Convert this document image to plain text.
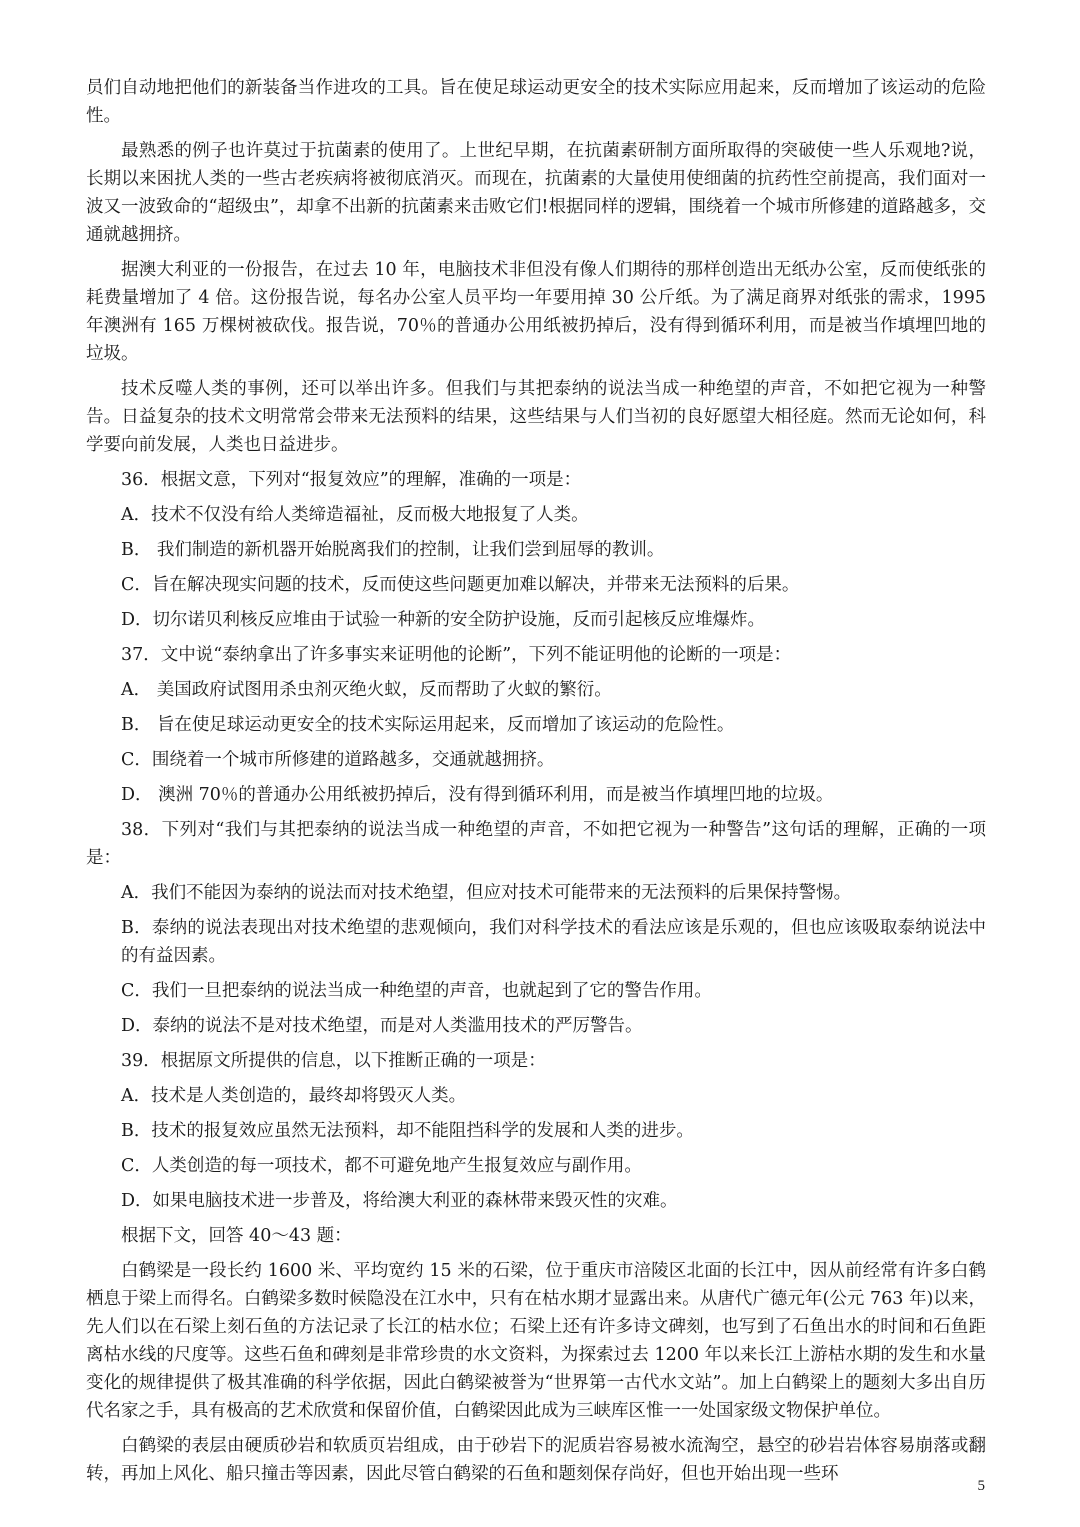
员们自动地把他们的新装备当作进攻的工具。旨在使足球运动更安全的技术实际应用起来，反而增加了该运动的危险性。

最熟悉的例子也许莫过于抗菌素的使用了。上世纪早期，在抗菌素研制方面所取得的突破使一些人乐观地?说，长期以来困扰人类的一些古老疾病将被彻底消灭。而现在，抗菌素的大量使用使细菌的抗药性空前提高，我们面对一波又一波致命的“超级虫”，却拿不出新的抗菌素来击败它们!根据同样的逻辑，围绕着一个城市所修建的道路越多，交通就越拥挤。

据澳大利亚的一份报告，在过去 10 年，电脑技术非但没有像人们期待的那样创造出无纸办公室，反而使纸张的耗费量增加了 4 倍。这份报告说，每名办公室人员平均一年要用掉 30 公斤纸。为了满足商界对纸张的需求，1995 年澳洲有 165 万棵树被砍伐。报告说，70％的普通办公用纸被扔掉后，没有得到循环利用，而是被当作填埋凹地的垃圾。

技术反噬人类的事例，还可以举出许多。但我们与其把泰纳的说法当成一种绝望的声音，不如把它视为一种警告。日益复杂的技术文明常常会带来无法预料的结果，这些结果与人们当初的良好愿望大相径庭。然而无论如何，科学要向前发展，人类也日益进步。

36．根据文意，下列对“报复效应”的理解，准确的一项是：

A．技术不仅没有给人类缔造福祉，反而极大地报复了人类。

B． 我们制造的新机器开始脱离我们的控制，让我们尝到屈辱的教训。

C．旨在解决现实问题的技术，反而使这些问题更加难以解决，并带来无法预料的后果。

D．切尔诺贝利核反应堆由于试验一种新的安全防护设施，反而引起核反应堆爆炸。

37．文中说“泰纳拿出了许多事实来证明他的论断”，下列不能证明他的论断的一项是：

A． 美国政府试图用杀虫剂灭绝火蚁，反而帮助了火蚁的繁衍。

B． 旨在使足球运动更安全的技术实际运用起来，反而增加了该运动的危险性。

C．围绕着一个城市所修建的道路越多，交通就越拥挤。

D． 澳洲 70％的普通办公用纸被扔掉后，没有得到循环利用，而是被当作填埋凹地的垃圾。

38．下列对“我们与其把泰纳的说法当成一种绝望的声音，不如把它视为一种警告”这句话的理解，正确的一项是：

A．我们不能因为泰纳的说法而对技术绝望，但应对技术可能带来的无法预料的后果保持警惕。

B．泰纳的说法表现出对技术绝望的悲观倾向，我们对科学技术的看法应该是乐观的，但也应该吸取泰纳说法中的有益因素。

C．我们一旦把泰纳的说法当成一种绝望的声音，也就起到了它的警告作用。

D．泰纳的说法不是对技术绝望，而是对人类滥用技术的严厉警告。

39．根据原文所提供的信息，以下推断正确的一项是：

A．技术是人类创造的，最终却将毁灭人类。

B．技术的报复效应虽然无法预料，却不能阻挡科学的发展和人类的进步。

C．人类创造的每一项技术，都不可避免地产生报复效应与副作用。

D．如果电脑技术进一步普及，将给澳大利亚的森林带来毁灭性的灾难。

根据下文，回答 40～43 题：

白鹤梁是一段长约 1600 米、平均宽约 15 米的石梁，位于重庆市涪陵区北面的长江中，因从前经常有许多白鹤栖息于梁上而得名。白鹤梁多数时候隐没在江水中，只有在枯水期才显露出来。从唐代广德元年(公元 763 年)以来，先人们以在石梁上刻石鱼的方法记录了长江的枯水位；石梁上还有许多诗文碑刻，也写到了石鱼出水的时间和石鱼距离枯水线的尺度等。这些石鱼和碑刻是非常珍贵的水文资料，为探索过去 1200 年以来长江上游枯水期的发生和水量变化的规律提供了极其准确的科学依据，因此白鹤梁被誉为“世界第一古代水文站”。加上白鹤梁上的题刻大多出自历代名家之手，具有极高的艺术欣赏和保留价值，白鹤梁因此成为三峡库区惟一一处国家级文物保护单位。

白鹤梁的表层由硬质砂岩和软质页岩组成，由于砂岩下的泥质岩容易被水流淘空，悬空的砂岩岩体容易崩落或翻转，再加上风化、船只撞击等因素，因此尽管白鹤梁的石鱼和题刻保存尚好，但也开始出现一些环

5
